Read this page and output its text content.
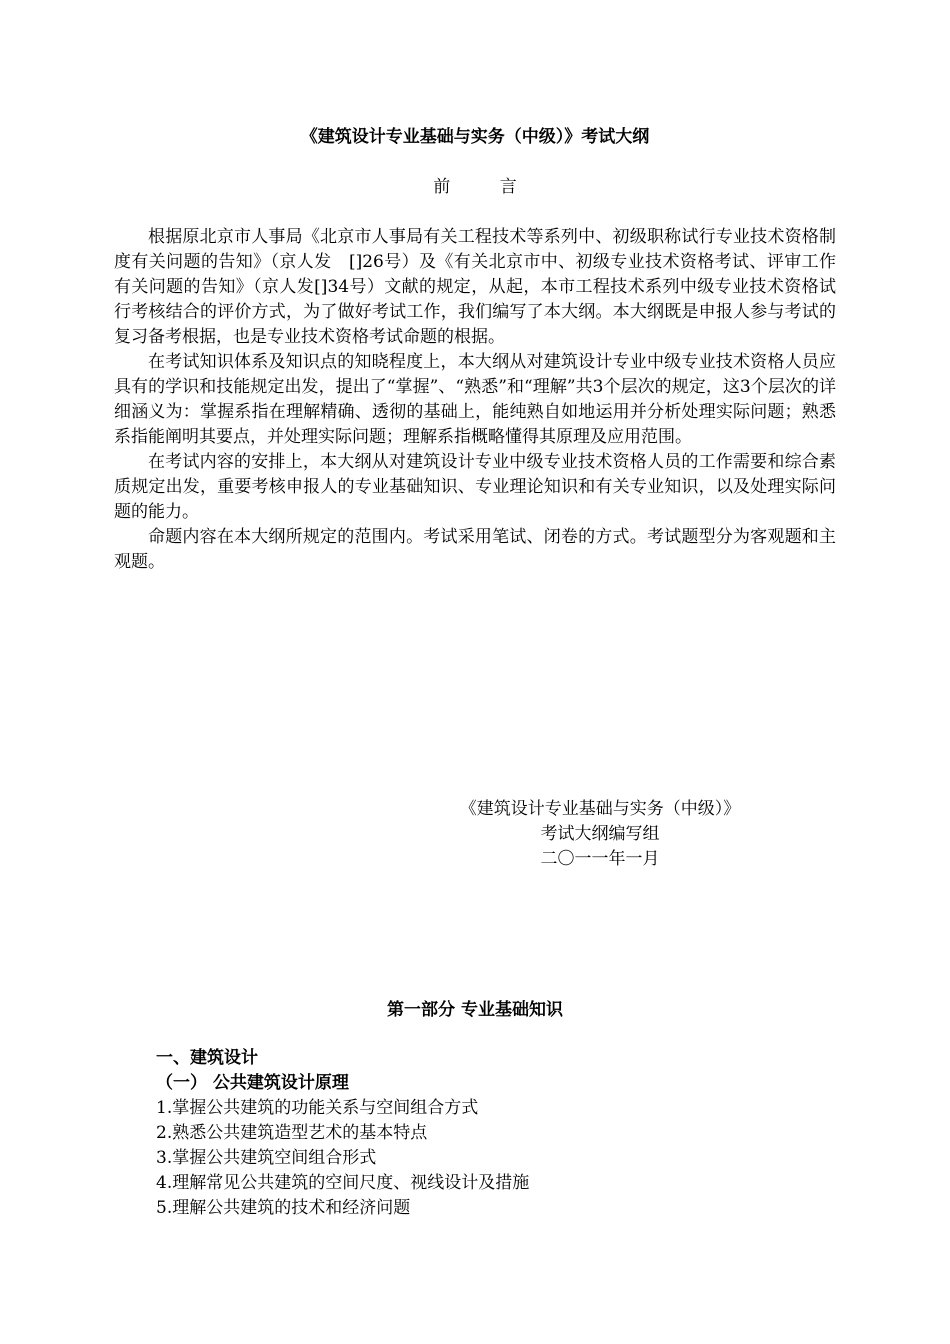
《建筑设计专业基础与实务（中级）》考试大纲
前	言

根据原北京市人事局《北京市人事局有关工程技术等系列中、初级职称试行专业技术资格制度有关问题的告知》（京人发　[]26号）及《有关北京市中、初级专业技术资格考试、评审工作有关问题的告知》（京人发[]34号）文献的规定，从起，本市工程技术系列中级专业技术资格试行考核结合的评价方式，为了做好考试工作，我们编写了本大纲。本大纲既是申报人参与考试的复习备考根据，也是专业技术资格考试命题的根据。

在考试知识体系及知识点的知晓程度上，本大纲从对建筑设计专业中级专业技术资格人员应具有的学识和技能规定出发，提出了“掌握”、“熟悉”和“理解”共3个层次的规定，这3个层次的详细涵义为：掌握系指在理解精确、透彻的基础上，能纯熟自如地运用并分析处理实际问题；熟悉系指能阐明其要点，并处理实际问题；理解系指概略懂得其原理及应用范围。

在考试内容的安排上，本大纲从对建筑设计专业中级专业技术资格人员的工作需要和综合素质规定出发，重要考核申报人的专业基础知识、专业理论知识和有关专业知识，以及处理实际问题的能力。

命题内容在本大纲所规定的范围内。考试采用笔试、闭卷的方式。考试题型分为客观题和主观题。

《建筑设计专业基础与实务（中级）》
考试大纲编写组
二〇一一年一月
第一部分 专业基础知识
一、建筑设计
（一） 公共建筑设计原理
1.掌握公共建筑的功能关系与空间组合方式
2.熟悉公共建筑造型艺术的基本特点
3.掌握公共建筑空间组合形式
4.理解常见公共建筑的空间尺度、视线设计及措施
5.理解公共建筑的技术和经济问题
